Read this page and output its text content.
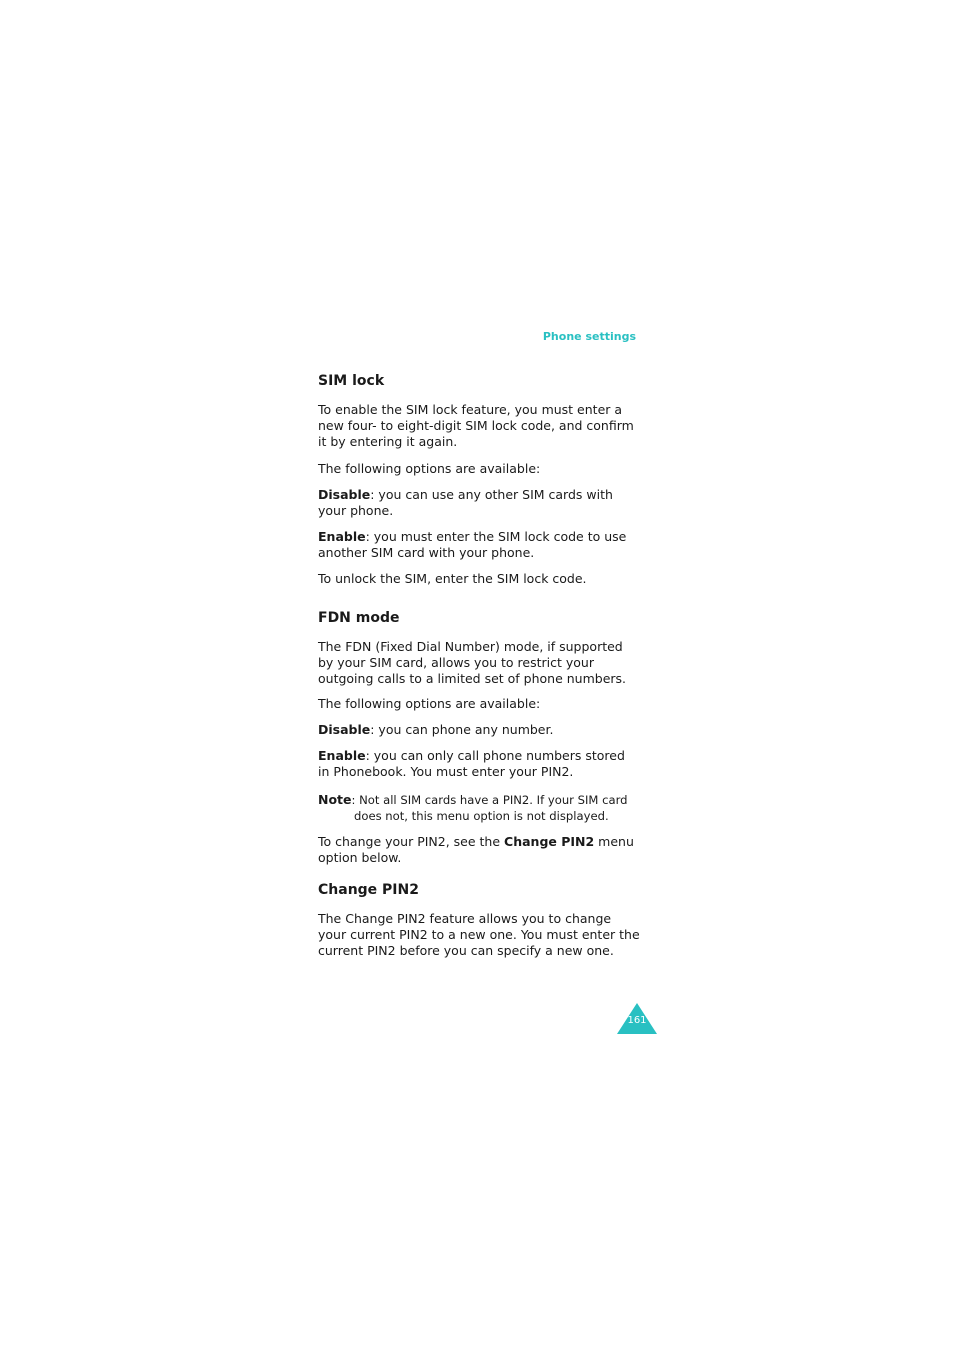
Phone settings
SIM lock

To enable the SIM lock feature, you must enter a new four- to eight-digit SIM lock code, and confirm it by entering it again.

The following options are available:

Disable: you can use any other SIM cards with your phone.

Enable: you must enter the SIM lock code to use another SIM card with your phone.

To unlock the SIM, enter the SIM lock code.

FDN mode

The FDN (Fixed Dial Number) mode, if supported by your SIM card, allows you to restrict your outgoing calls to a limited set of phone numbers.

The following options are available:

Disable: you can phone any number.

Enable: you can only call phone numbers stored in Phonebook. You must enter your PIN2.

Note: Not all SIM cards have a PIN2. If your SIM card does not, this menu option is not displayed.

To change your PIN2, see the Change PIN2 menu option below.

Change PIN2

The Change PIN2 feature allows you to change your current PIN2 to a new one. You must enter the current PIN2 before you can specify a new one.

161
